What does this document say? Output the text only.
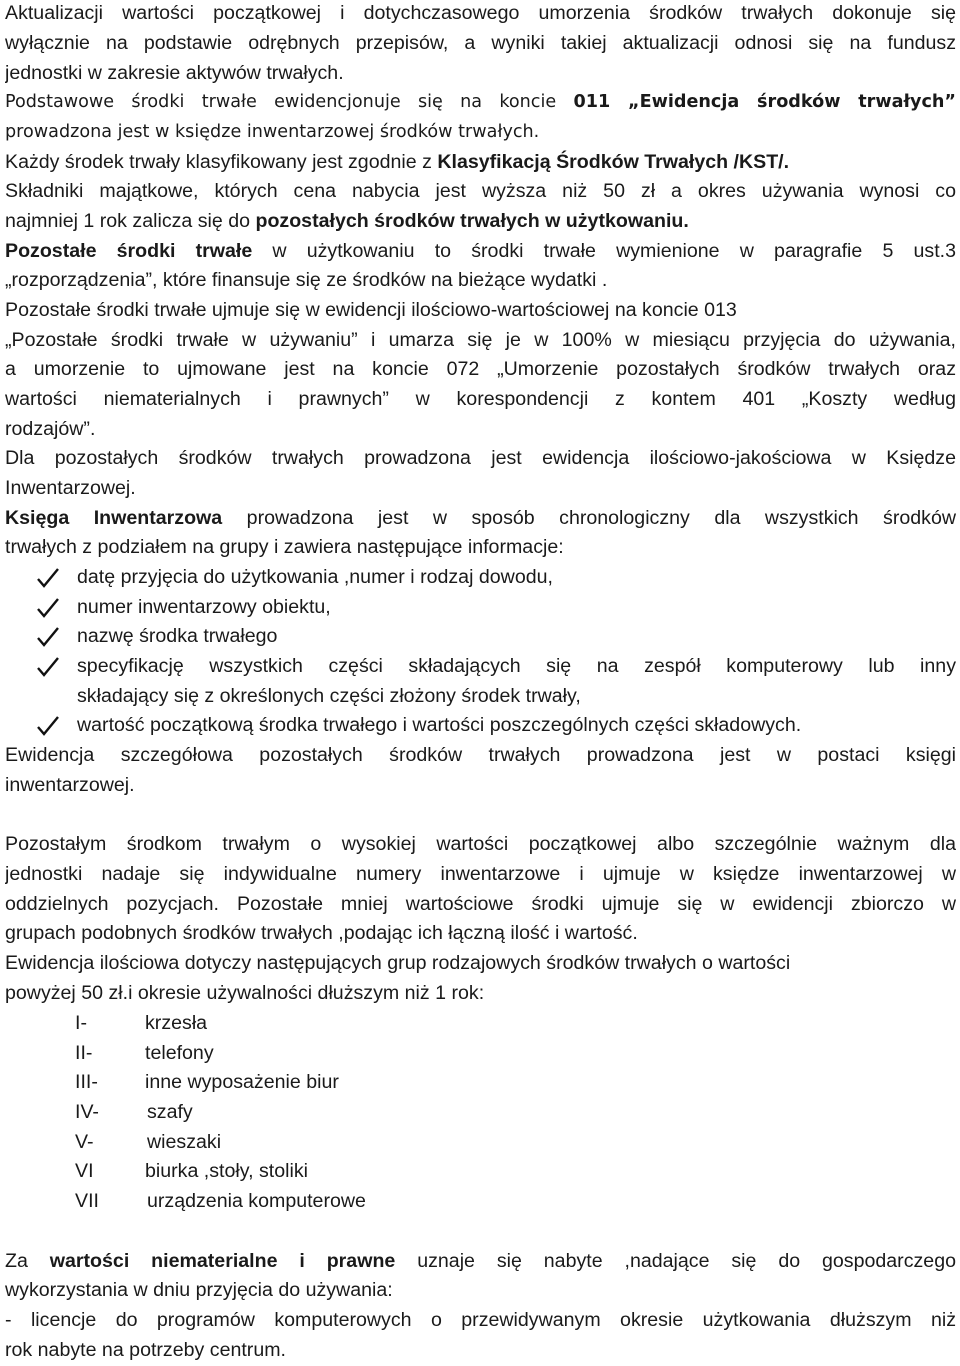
Aktualizacji wartości początkowej i dotychczasowego umorzenia środków trwałych dokonuje się
wyłącznie na podstawie odrębnych przepisów, a wyniki takiej aktualizacji odnosi się na fundusz
jednostki w zakresie aktywów trwałych.
Podstawowe środki trwałe ewidencjonuje się na koncie 011 „Ewidencja środków trwałych”
prowadzona jest w księdze inwentarzowej środków trwałych.
Każdy środek trwały klasyfikowany jest zgodnie z Klasyfikacją Środków Trwałych /KST/.
Składniki majątkowe, których cena nabycia jest wyższa niż 50 zł a okres używania wynosi co
najmniej 1 rok zalicza się do pozostałych środków trwałych w użytkowaniu.
Pozostałe środki trwałe w użytkowaniu to środki trwałe wymienione w paragrafie 5 ust.3
„rozporządzenia”, które finansuje się ze środków na bieżące wydatki .
Pozostałe środki trwałe ujmuje się w ewidencji ilościowo-wartościowej na koncie 013
„Pozostałe środki trwałe w używaniu” i umarza się je w 100% w miesiącu przyjęcia do używania,
a umorzenie to ujmowane jest na koncie 072 „Umorzenie pozostałych środków trwałych oraz
wartości niematerialnych i prawnych” w korespondencji z kontem 401 „Koszty według
rodzajów”.
Dla pozostałych środków trwałych prowadzona jest ewidencja ilościowo-jakościowa w Księdze
Inwentarzowej.
Księga Inwentarzowa prowadzona jest w sposób chronologiczny dla wszystkich środków
trwałych z podziałem na grupy i zawiera następujące informacje:
datę przyjęcia do użytkowania ,numer i rodzaj dowodu,
numer inwentarzowy obiektu,
nazwę środka trwałego
specyfikację wszystkich części składających się na zespół komputerowy lub inny
składający się z określonych części złożony środek trwały,
wartość początkową środka trwałego i wartości poszczególnych części składowych.
Ewidencja szczegółowa pozostałych środków trwałych prowadzona jest w postaci księgi
inwentarzowej.
Pozostałym środkom trwałym o wysokiej wartości początkowej albo szczególnie ważnym dla
jednostki nadaje się indywidualne numery inwentarzowe i ujmuje w księdze inwentarzowej w
oddzielnych pozycjach. Pozostałe mniej wartościowe środki ujmuje się w ewidencji zbiorczo w
grupach podobnych środków trwałych ,podając ich łączną ilość i wartość.
Ewidencja ilościowa dotyczy następujących grup rodzajowych środków trwałych o wartości
powyżej 50 zł.i okresie używalności dłuższym niż 1 rok:
I-	krzesła
II-	telefony
III-	inne wyposażenie biur
IV-	szafy
V-	wieszaki
VI	biurka ,stoły, stoliki
VII	urządzenia komputerowe
Za wartości niematerialne i prawne uznaje się nabyte ,nadające się do gospodarczego
wykorzystania w dniu przyjęcia do używania:
- licencje do programów komputerowych o przewidywanym okresie użytkowania dłuższym niż
rok nabyte na potrzeby centrum.
